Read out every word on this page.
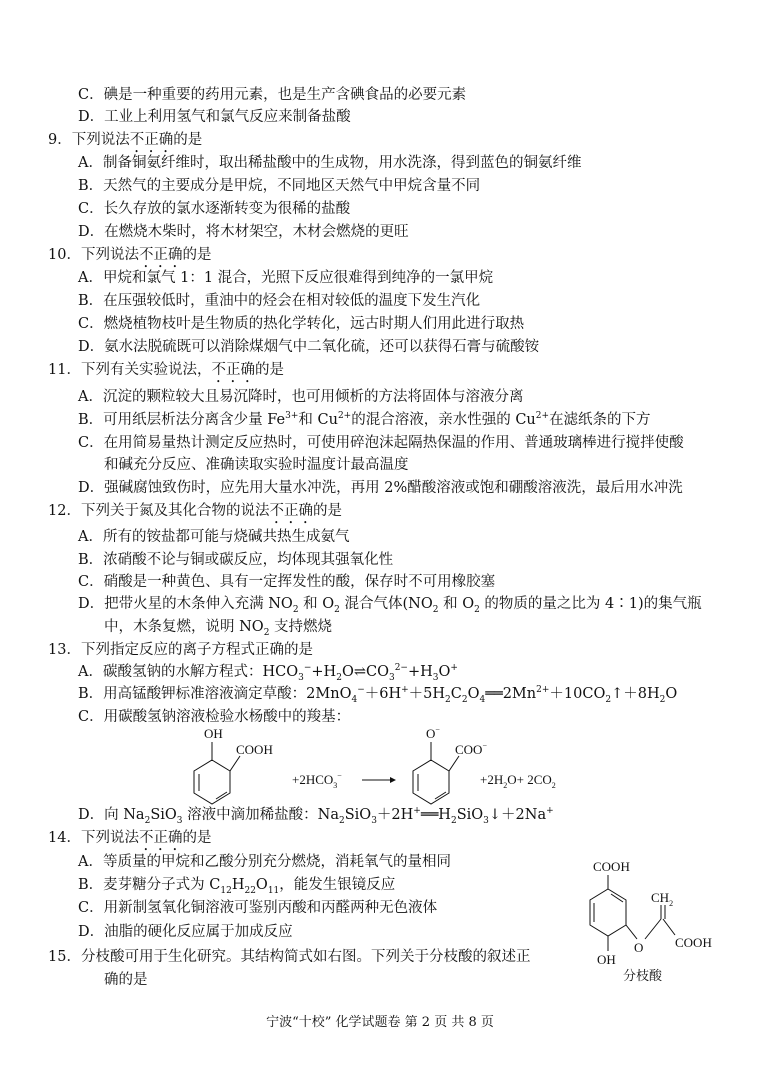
C．碘是一种重要的药用元素，也是生产含碘食品的必要元素
D．工业上利用氢气和氯气反应来制备盐酸
9．下列说法不正确的是
A．制备铜氨纤维时，取出稀盐酸中的生成物，用水洗涤，得到蓝色的铜氨纤维
B．天然气的主要成分是甲烷，不同地区天然气中甲烷含量不同
C．长久存放的氯水逐渐转变为很稀的盐酸
D．在燃烧木柴时，将木材架空，木材会燃烧的更旺
10．下列说法不正确的是
A．甲烷和氯气 1：1 混合，光照下反应很难得到纯净的一氯甲烷
B．在压强较低时，重油中的烃会在相对较低的温度下发生汽化
C．燃烧植物枝叶是生物质的热化学转化，远古时期人们用此进行取热
D．氨水法脱硫既可以消除煤烟气中二氧化硫，还可以获得石膏与硫酸铵
11．下列有关实验说法，不正确的是
A．沉淀的颗粒较大且易沉降时，也可用倾析的方法将固体与溶液分离
B．可用纸层析法分离含少量 $Fe^{3+}$和 $Cu^{2+}$的混合溶液，亲水性强的 $Cu^{2+}$在滤纸条的下方
C．在用简易量热计测定反应热时，可使用碎泡沫起隔热保温的作用、普通玻璃棒进行搅拌使酸
和碱充分反应、准确读取实验时温度计最高温度
D．强碱腐蚀致伤时，应先用大量水冲洗，再用 2%醋酸溶液或饱和硼酸溶液洗，最后用水冲洗
12．下列关于氮及其化合物的说法不正确的是
A．所有的铵盐都可能与烧碱共热生成氨气
B．浓硝酸不论与铜或碳反应，均体现其强氧化性
C．硝酸是一种黄色、具有一定挥发性的酸，保存时不可用橡胶塞
D．把带火星的木条伸入充满 $NO_2$ 和 $O_2$ 混合气体($NO_2$ 和 $O_2$ 的物质的量之比为 4∶1)的集气瓶
中，木条复燃，说明 $NO_2$ 支持燃烧
13．下列指定反应的离子方程式正确的是
A．碳酸氢钠的水解方程式：$HCO_3^-+H_2O\rightleftharpoons CO_3^{2-}+H_3O^+$
B．用高锰酸钾标准溶液滴定草酸：$2MnO_4^-+6H^++5H_2C_2O_4══2Mn^{2+}+10CO_2↑+8H_2O$
C．用碳酸氢钠溶液检验水杨酸中的羧基：
D．向 $Na_2SiO_3$ 溶液中滴加稀盐酸：$Na_2SiO_3+2H^+══H_2SiO_3↓+2Na^+$
14．下列说法不正确的是
A．等质量的甲烷和乙酸分别充分燃烧，消耗氧气的量相同
B．麦芽糖分子式为 $C_{12}H_{22}O_{11}$，能发生银镜反应
C．用新制氢氧化铜溶液可鉴别丙酸和丙醛两种无色液体
D．油脂的硬化反应属于加成反应
15．分枝酸可用于生化研究。其结构简式如右图。下列关于分枝酸的叙述正
确的是
OH
COOH
$+2HCO_3^-$
O−
COO−
$+2H_2O+ 2CO_2$
COOH
OH
O
$CH_2$
COOH
分枝酸
宁波“十校” 化学试题卷 第 2 页 共 8 页
